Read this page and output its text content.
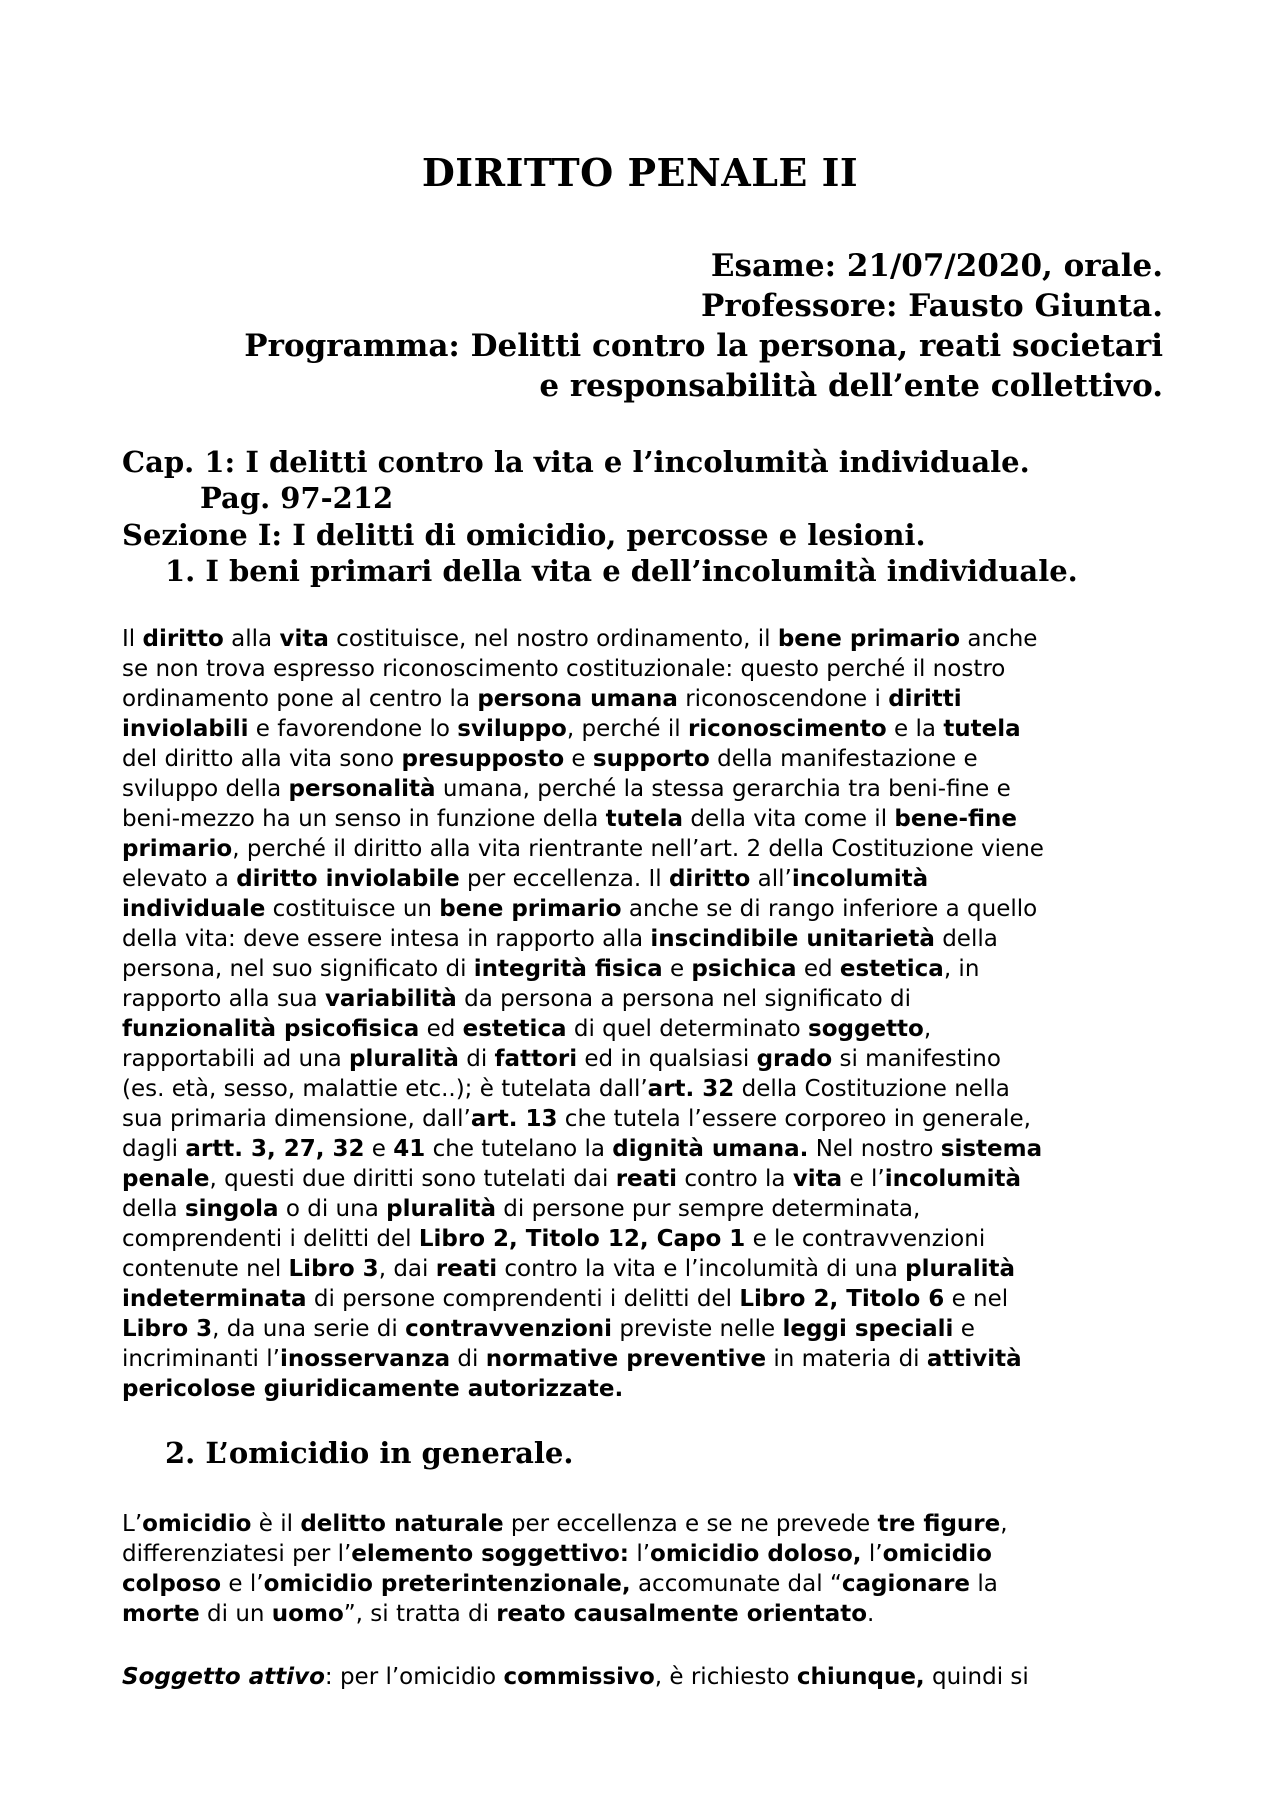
DIRITTO PENALE II
Esame: 21/07/2020, orale.
Professore: Fausto Giunta.
Programma: Delitti contro la persona, reati societari
e responsabilità dell’ente collettivo.
Cap. 1: I delitti contro la vita e l’incolumità individuale.
Pag. 97-212
Sezione I: I delitti di omicidio, percosse e lesioni.
1. I beni primari della vita e dell’incolumità individuale.
Il diritto alla vita costituisce, nel nostro ordinamento, il bene primario anche
se non trova espresso riconoscimento costituzionale: questo perché il nostro
ordinamento pone al centro la persona umana riconoscendone i diritti
inviolabili e favorendone lo sviluppo, perché il riconoscimento e la tutela
del diritto alla vita sono presupposto e supporto della manifestazione e
sviluppo della personalità umana, perché la stessa gerarchia tra beni-fine e
beni-mezzo ha un senso in funzione della tutela della vita come il bene-fine
primario, perché il diritto alla vita rientrante nell’art. 2 della Costituzione viene
elevato a diritto inviolabile per eccellenza. Il diritto all’incolumità
individuale costituisce un bene primario anche se di rango inferiore a quello
della vita: deve essere intesa in rapporto alla inscindibile unitarietà della
persona, nel suo significato di integrità fisica e psichica ed estetica, in
rapporto alla sua variabilità da persona a persona nel significato di
funzionalità psicofisica ed estetica di quel determinato soggetto,
rapportabili ad una pluralità di fattori ed in qualsiasi grado si manifestino
(es. età, sesso, malattie etc..); è tutelata dall’art. 32 della Costituzione nella
sua primaria dimensione, dall’art. 13 che tutela l’essere corporeo in generale,
dagli artt. 3, 27, 32 e 41 che tutelano la dignità umana. Nel nostro sistema
penale, questi due diritti sono tutelati dai reati contro la vita e l’incolumità
della singola o di una pluralità di persone pur sempre determinata,
comprendenti i delitti del Libro 2, Titolo 12, Capo 1 e le contravvenzioni
contenute nel Libro 3, dai reati contro la vita e l’incolumità di una pluralità
indeterminata di persone comprendenti i delitti del Libro 2, Titolo 6 e nel
Libro 3, da una serie di contravvenzioni previste nelle leggi speciali e
incriminanti l’inosservanza di normative preventive in materia di attività
pericolose giuridicamente autorizzate.
2. L’omicidio in generale.
L’omicidio è il delitto naturale per eccellenza e se ne prevede tre figure,
differenziatesi per l’elemento soggettivo: l’omicidio doloso, l’omicidio
colposo e l’omicidio preterintenzionale, accomunate dal “cagionare la
morte di un uomo”, si tratta di reato causalmente orientato.
Soggetto attivo: per l’omicidio commissivo, è richiesto chiunque, quindi si
